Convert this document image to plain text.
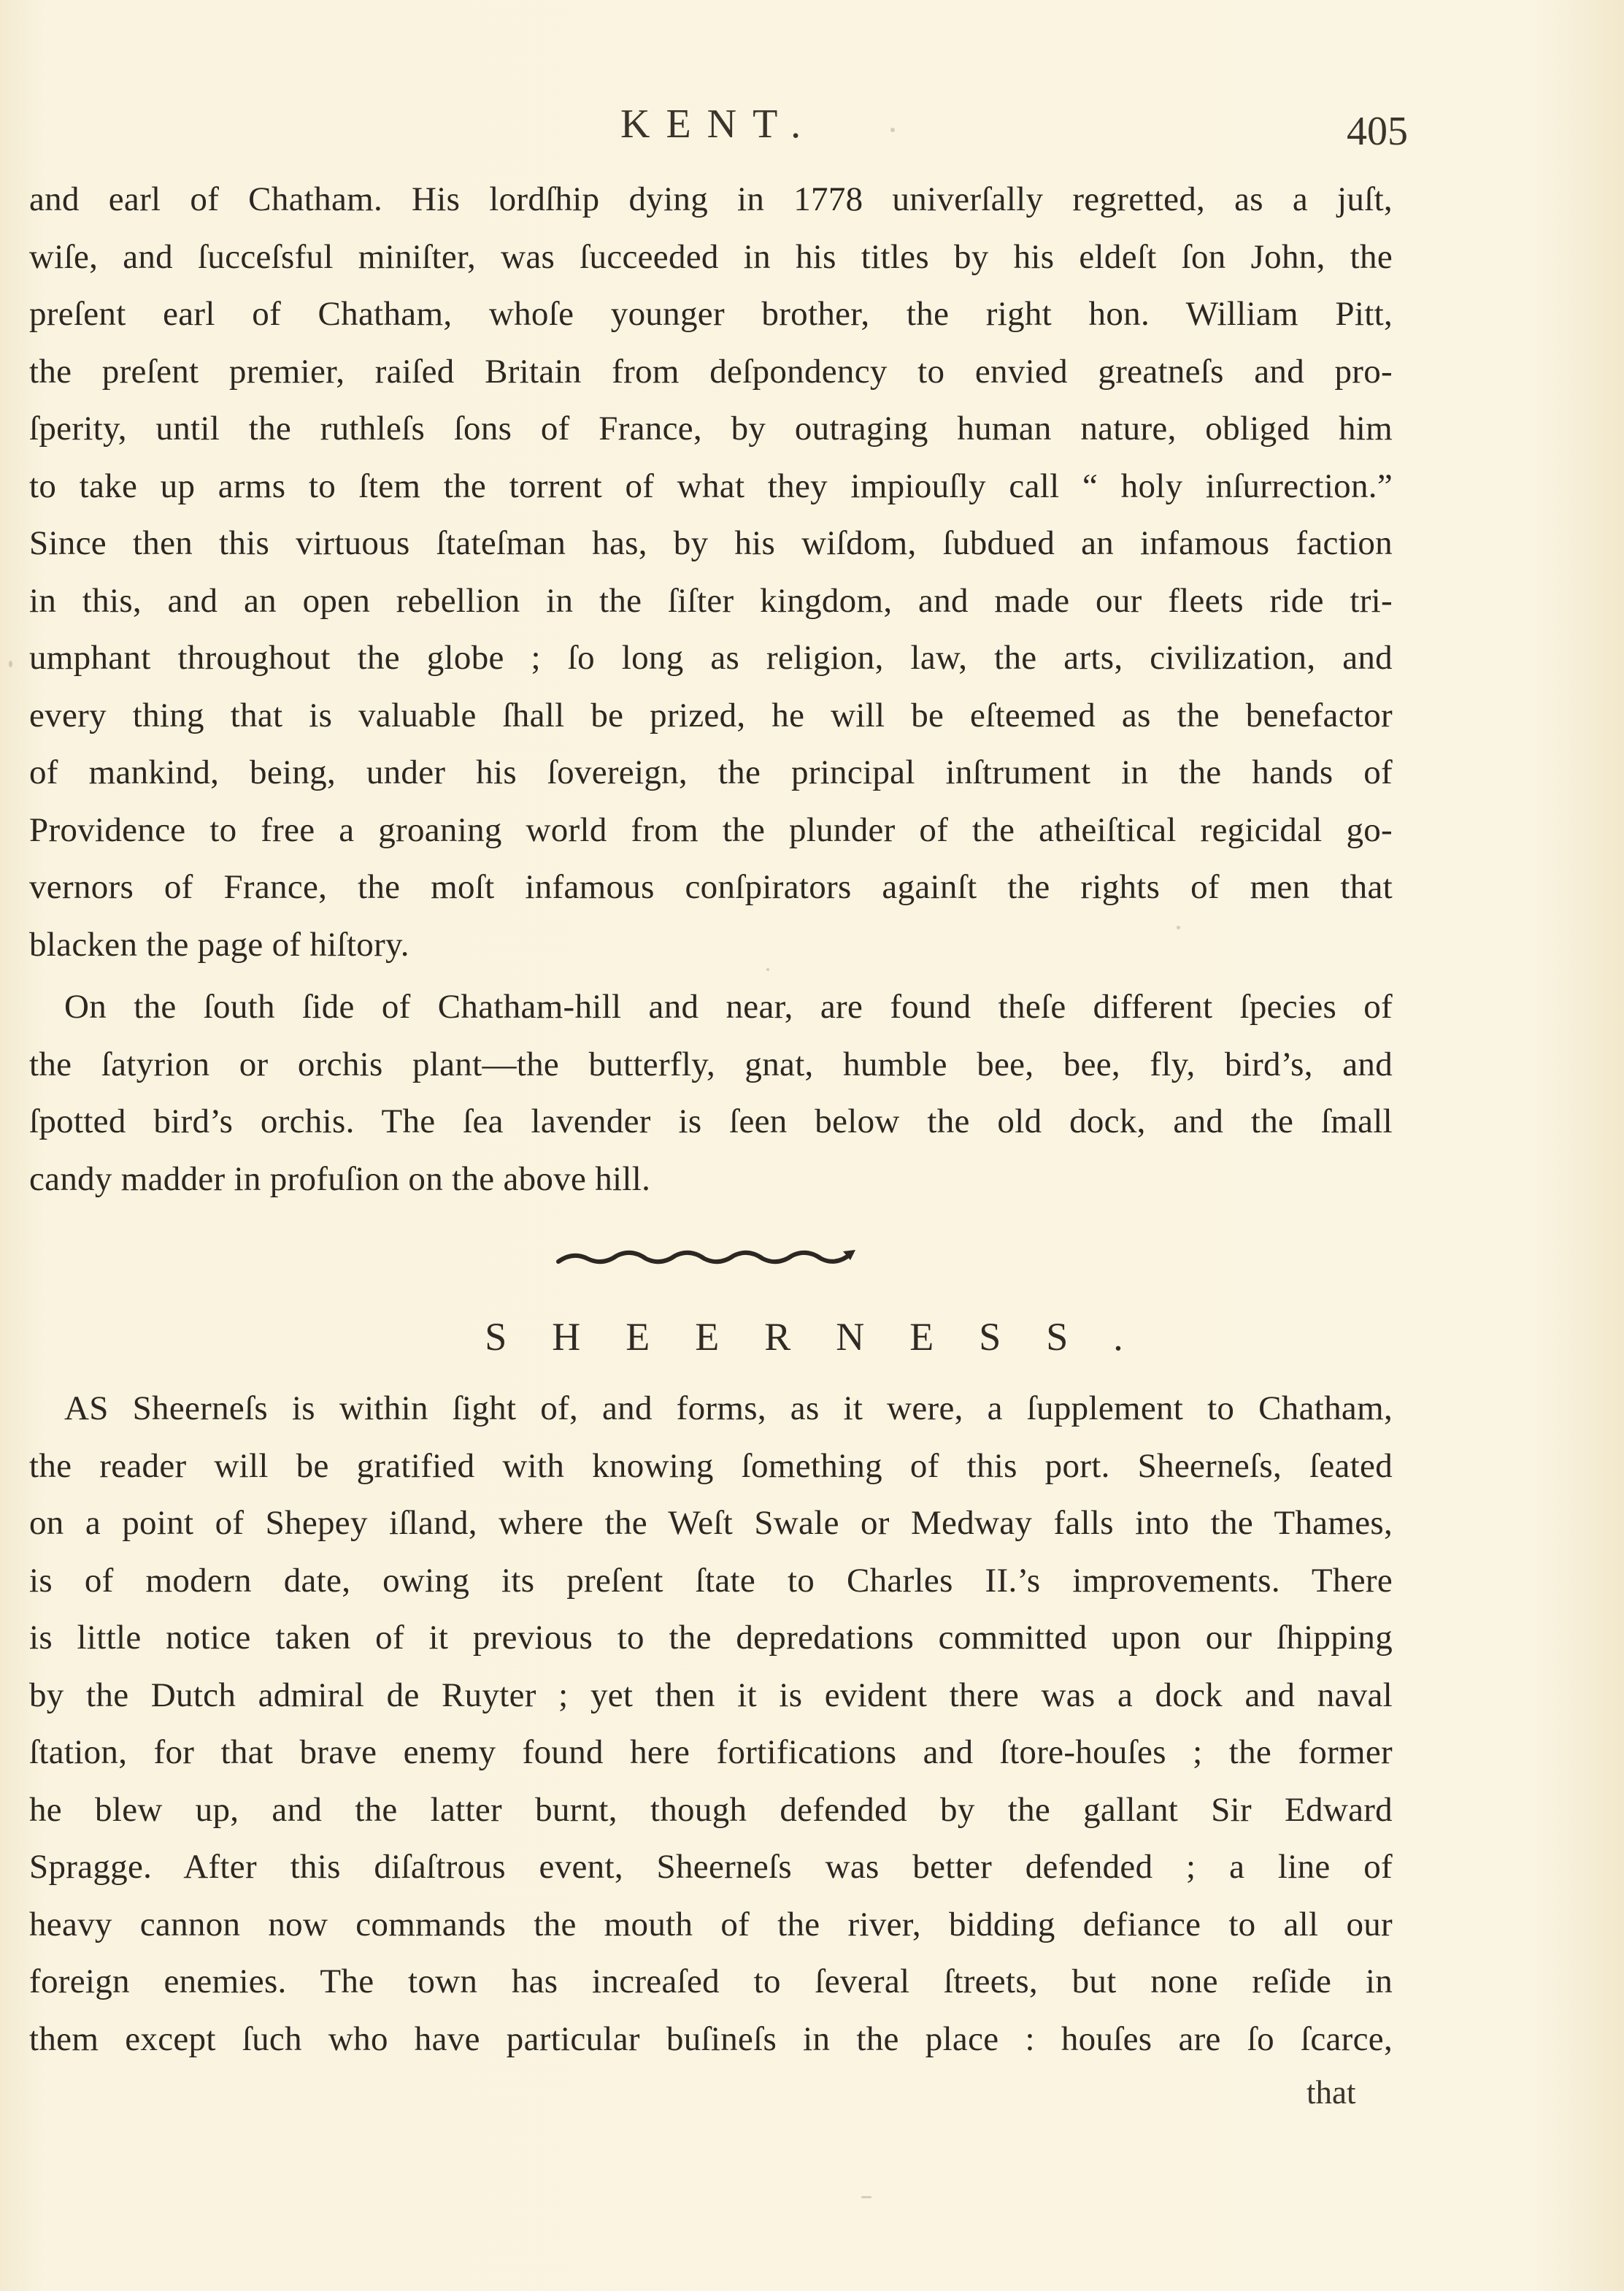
KENT.	405
and earl of Chatham. His lordſhip dying in 1778 univerſally regretted, as a juſt,
wiſe, and ſucceſsful miniſter, was ſucceeded in his titles by his eldeſt ſon John, the
preſent earl of Chatham, whoſe younger brother, the right hon. William Pitt,
the preſent premier, raiſed Britain from deſpondency to envied greatneſs and pro-
ſperity, until the ruthleſs ſons of France, by outraging human nature, obliged him
to take up arms to ſtem the torrent of what they impiouſly call “ holy inſurrection.”
Since then this virtuous ſtateſman has, by his wiſdom, ſubdued an infamous faction
in this, and an open rebellion in the ſiſter kingdom, and made our fleets ride tri-
umphant throughout the globe ; ſo long as religion, law, the arts, civilization, and
every thing that is valuable ſhall be prized, he will be eſteemed as the benefactor
of mankind, being, under his ſovereign, the principal inſtrument in the hands of
Providence to free a groaning world from the plunder of the atheiſtical regicidal go-
vernors of France, the moſt infamous conſpirators againſt the rights of men that
blacken the page of hiſtory.
On the ſouth ſide of Chatham-hill and near, are found theſe different ſpecies of
the ſatyrion or orchis plant—the butterfly, gnat, humble bee, bee, fly, bird’s, and
ſpotted bird’s orchis. The ſea lavender is ſeen below the old dock, and the ſmall
candy madder in profuſion on the above hill.
SHEERNESS.
AS Sheerneſs is within ſight of, and forms, as it were, a ſupplement to Chatham,
the reader will be gratified with knowing ſomething of this port. Sheerneſs, ſeated
on a point of Shepey iſland, where the Weſt Swale or Medway falls into the Thames,
is of modern date, owing its preſent ſtate to Charles II.’s improvements. There
is little notice taken of it previous to the depredations committed upon our ſhipping
by the Dutch admiral de Ruyter ; yet then it is evident there was a dock and naval
ſtation, for that brave enemy found here fortifications and ſtore-houſes ; the former
he blew up, and the latter burnt, though defended by the gallant Sir Edward
Spragge. After this diſaſtrous event, Sheerneſs was better defended ; a line of
heavy cannon now commands the mouth of the river, bidding defiance to all our
foreign enemies. The town has increaſed to ſeveral ſtreets, but none reſide in
them except ſuch who have particular buſineſs in the place : houſes are ſo ſcarce,
that
